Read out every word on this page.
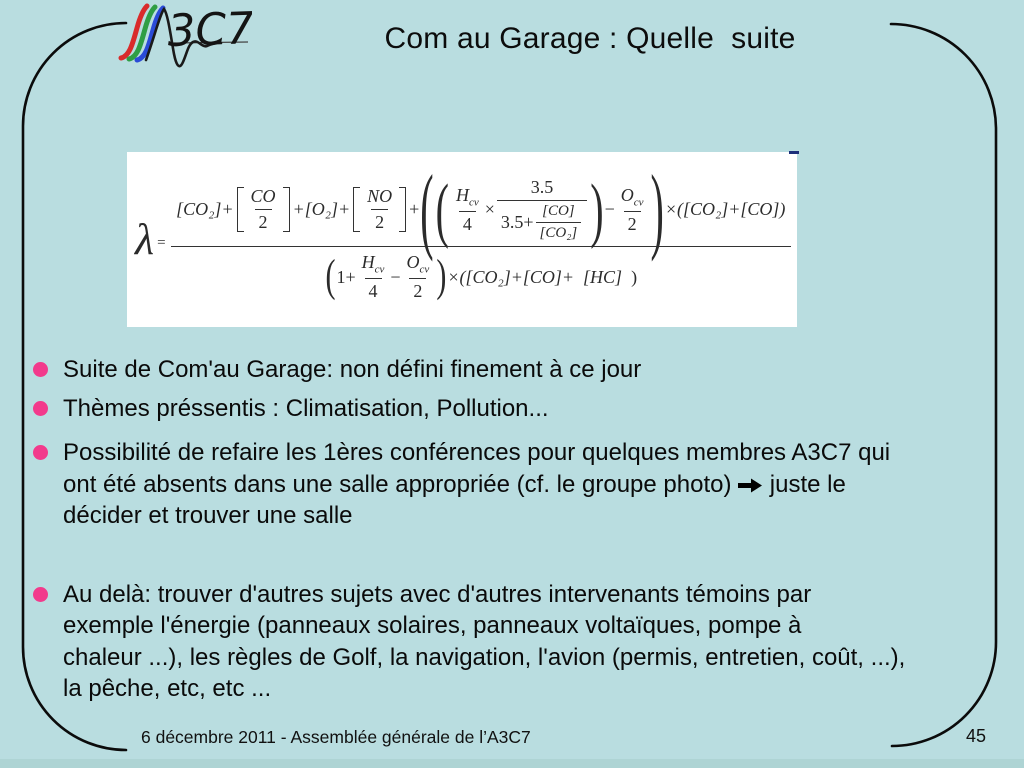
3C7	Com au Garage : Quelle  suite
λ =
$[CO_2]+ \frac{CO}{2} +[O_2]+ \frac{NO}{2}$ + ( ( $\frac{H_{cv}}{4} \times \frac{3.5}{3.5+ \frac{[CO]}{\text{[CO₂]}}}$ ) − $\frac{O_{cv}}{2}$ ) ×([CO₂]+[CO])
( $1+ \frac{H_{cv}}{4} - \frac{O_{cv}}{2}$ ) ×([CO₂]+[CO]+ [HC] )
Suite de Com'au Garage: non défini finement à ce jour
Thèmes préssentis : Climatisation, Pollution...
Possibilité de refaire les 1ères conférences pour quelques membres A3C7 qui
ont été absents dans une salle appropriée (cf. le groupe photo)  juste le
décider et trouver une salle
Au delà: trouver d'autres sujets avec d'autres intervenants témoins par
exemple l'énergie (panneaux solaires, panneaux voltaïques, pompe à
chaleur ...), les règles de Golf, la navigation, l'avion (permis, entretien, coût, ...),
la pêche, etc, etc ...
6 décembre 2011 - Assemblée générale de l’A3C7	45
